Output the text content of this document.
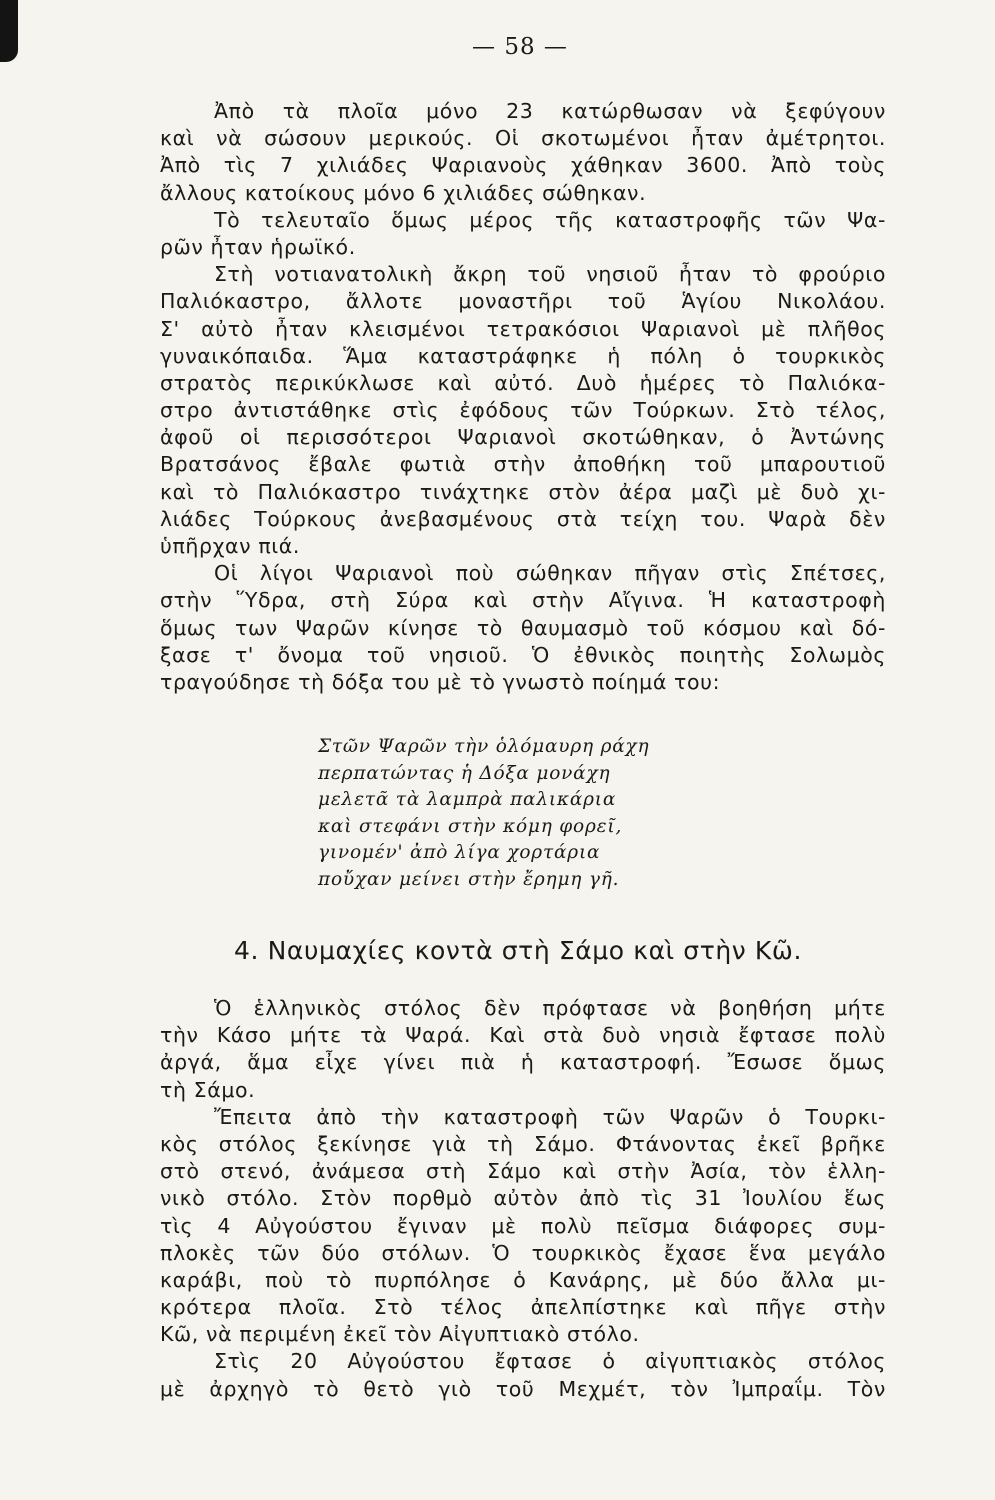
— 58 —
Ἀπὸ τὰ πλοῖα μόνο 23 κατώρθωσαν νὰ ξεφύγουν
καὶ νὰ σώσουν μερικούς. Οἱ σκοτωμένοι ἦταν ἀμέτρητοι.
Ἀπὸ τὶς 7 χιλιάδες Ψαριανοὺς χάθηκαν 3600. Ἀπὸ τοὺς
ἄλλους κατοίκους μόνο 6 χιλιάδες σώθηκαν.
Τὸ τελευταῖο ὅμως μέρος τῆς καταστροφῆς τῶν Ψα-
ρῶν ἦταν ἡρωϊκό.
Στὴ νοτιανατολικὴ ἄκρη τοῦ νησιοῦ ἦταν τὸ φρούριο
Παλιόκαστρο, ἄλλοτε μοναστῆρι τοῦ Ἁγίου Νικολάου.
Σ' αὐτὸ ἦταν κλεισμένοι τετρακόσιοι Ψαριανοὶ μὲ πλῆθος
γυναικόπαιδα. Ἅμα καταστράφηκε ἡ πόλη ὁ τουρκικὸς
στρατὸς περικύκλωσε καὶ αὐτό. Δυὸ ἡμέρες τὸ Παλιόκα-
στρο ἀντιστάθηκε στὶς ἐφόδους τῶν Τούρκων. Στὸ τέλος,
ἀφοῦ οἱ περισσότεροι Ψαριανοὶ σκοτώθηκαν, ὁ Ἀντώνης
Βρατσάνος ἔβαλε φωτιὰ στὴν ἀποθήκη τοῦ μπαρουτιοῦ
καὶ τὸ Παλιόκαστρο τινάχτηκε στὸν ἀέρα μαζὶ μὲ δυὸ χι-
λιάδες Τούρκους ἀνεβασμένους στὰ τείχη του. Ψαρὰ δὲν
ὑπῆρχαν πιά.
Οἱ λίγοι Ψαριανοὶ ποὺ σώθηκαν πῆγαν στὶς Σπέτσες,
στὴν Ὕδρα, στὴ Σύρα καὶ στὴν Αἴγινα. Ἡ καταστροφὴ
ὅμως των Ψαρῶν κίνησε τὸ θαυμασμὸ τοῦ κόσμου καὶ δό-
ξασε τ' ὄνομα τοῦ νησιοῦ. Ὁ ἐθνικὸς ποιητὴς Σολωμὸς
τραγούδησε τὴ δόξα του μὲ τὸ γνωστὸ ποίημά του:
Στῶν Ψαρῶν τὴν ὁλόμαυρη ράχη
περπατώντας ἡ Δόξα μονάχη
μελετᾶ τὰ λαμπρὰ παλικάρια
καὶ στεφάνι στὴν κόμη φορεῖ,
γινομέν' ἀπὸ λίγα χορτάρια
ποὔχαν μείνει στὴν ἔρημη γῆ.
4. Ναυμαχίες κοντὰ στὴ Σάμο καὶ στὴν Κῶ.
Ὁ ἑλληνικὸς στόλος δὲν πρόφτασε νὰ βοηθήση μήτε
τὴν Κάσο μήτε τὰ Ψαρά. Καὶ στὰ δυὸ νησιὰ ἔφτασε πολὺ
ἀργά, ἅμα εἶχε γίνει πιὰ ἡ καταστροφή. Ἔσωσε ὅμως
τὴ Σάμο.
Ἔπειτα ἀπὸ τὴν καταστροφὴ τῶν Ψαρῶν ὁ Τουρκι-
κὸς στόλος ξεκίνησε γιὰ τὴ Σάμο. Φτάνοντας ἐκεῖ βρῆκε
στὸ στενό, ἀνάμεσα στὴ Σάμο καὶ στὴν Ἀσία, τὸν ἑλλη-
νικὸ στόλο. Στὸν πορθμὸ αὐτὸν ἀπὸ τὶς 31 Ἰουλίου ἕως
τὶς 4 Αὐγούστου ἔγιναν μὲ πολὺ πεῖσμα διάφορες συμ-
πλοκὲς τῶν δύο στόλων. Ὁ τουρκικὸς ἔχασε ἕνα μεγάλο
καράβι, ποὺ τὸ πυρπόλησε ὁ Κανάρης, μὲ δύο ἄλλα μι-
κρότερα πλοῖα. Στὸ τέλος ἀπελπίστηκε καὶ πῆγε στὴν
Κῶ, νὰ περιμένη ἐκεῖ τὸν Αἰγυπτιακὸ στόλο.
Στὶς 20 Αὐγούστου ἔφτασε ὁ αἰγυπτιακὸς στόλος
μὲ ἀρχηγὸ τὸ θετὸ γιὸ τοῦ Μεχμέτ, τὸν Ἰμπραΐμ. Τὸν
